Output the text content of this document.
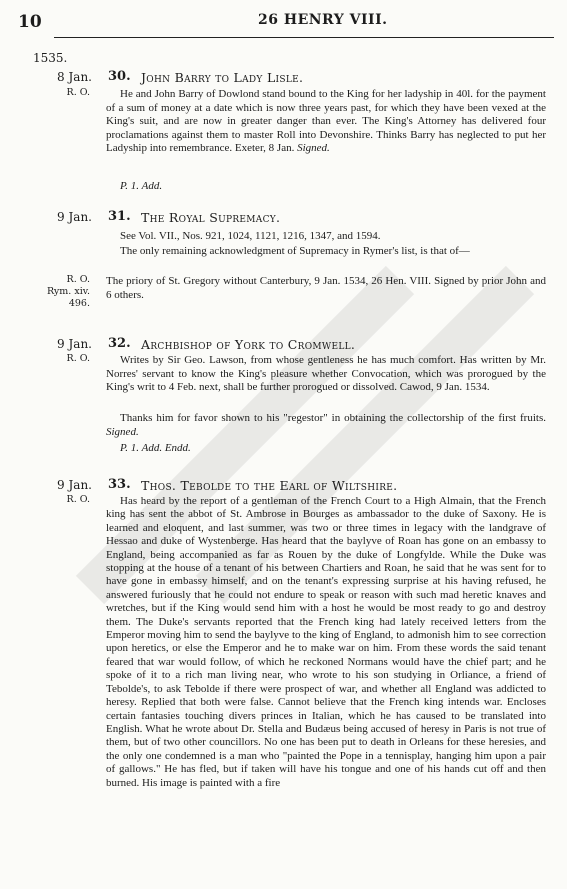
10	26 HENRY VIII.
1535.
8 Jan.
R. O.
30. John Barry to Lady Lisle.

He and John Barry of Dowlond stand bound to the King for her ladyship in 40l. for the payment of a sum of money at a date which is now three years past, for which they have been vexed at the King's suit, and are now in greater danger than ever. The King's Attorney has delivered four proclamations against them to master Roll into Devonshire. Thinks Barry has neglected to put her Ladyship into remembrance. Exeter, 8 Jan. Signed.

P. 1. Add.
9 Jan.
R. O.
Rym. xiv.
496.
31. The Royal Supremacy.

See Vol. VII., Nos. 921, 1024, 1121, 1216, 1347, and 1594.

The only remaining acknowledgment of Supremacy in Rymer's list, is that of—

The priory of St. Gregory without Canterbury, 9 Jan. 1534, 26 Hen. VIII. Signed by prior John and 6 others.

9 Jan.
R. O.
32. Archbishop of York to Cromwell.

Writes by Sir Geo. Lawson, from whose gentleness he has much comfort. Has written by Mr. Norres' servant to know the King's pleasure whether Convocation, which was prorogued by the King's writ to 4 Feb. next, shall be further prorogued or dissolved. Cawod, 9 Jan. 1534.

Thanks him for favor shown to his "regestor" in obtaining the collectorship of the first fruits. Signed.

P. 1. Add. Endd.
9 Jan.
R. O.
33. Thos. Tebolde to the Earl of Wiltshire.

Has heard by the report of a gentleman of the French Court to a High Almain, that the French king has sent the abbot of St. Ambrose in Bourges as ambassador to the duke of Saxony. He is learned and eloquent, and last summer, was two or three times in legacy with the landgrave of Hessao and duke of Wystenberge. Has heard that the baylyve of Roan has gone on an embassy to England, being accompanied as far as Rouen by the duke of Longfylde. While the Duke was stopping at the house of a tenant of his between Chartiers and Roan, he said that he was sent for to have gone in embassy himself, and on the tenant's expressing surprise at his having refused, he answered furiously that he could not endure to speak or reason with such mad heretic knaves and wretches, but if the King would send him with a host he would be most ready to go and destroy them. The Duke's servants reported that the French king had lately received letters from the Emperor moving him to send the baylyve to the king of England, to admonish him to see correction upon heretics, or else the Emperor and he to make war on him. From these words the said tenant feared that war would follow, of which he reckoned Normans would have the chief part; and he spoke of it to a rich man living near, who wrote to his son studying in Orliance, a friend of Tebolde's, to ask Tebolde if there were prospect of war, and whether all England was addicted to heresy. Replied that both were false. Cannot believe that the French king intends war. Encloses certain fantasies touching divers princes in Italian, which he has caused to be translated into English. What he wrote about Dr. Stella and Budæus being accused of heresy in Paris is not true of them, but of two other councillors. No one has been put to death in Orleans for these heresies, and the only one condemned is a man who "painted the Pope in a tennisplay, hanging him upon a pair of gallows." He has fled, but if taken will have his tongue and one of his hands cut off and then burned. His image is painted with a fire
